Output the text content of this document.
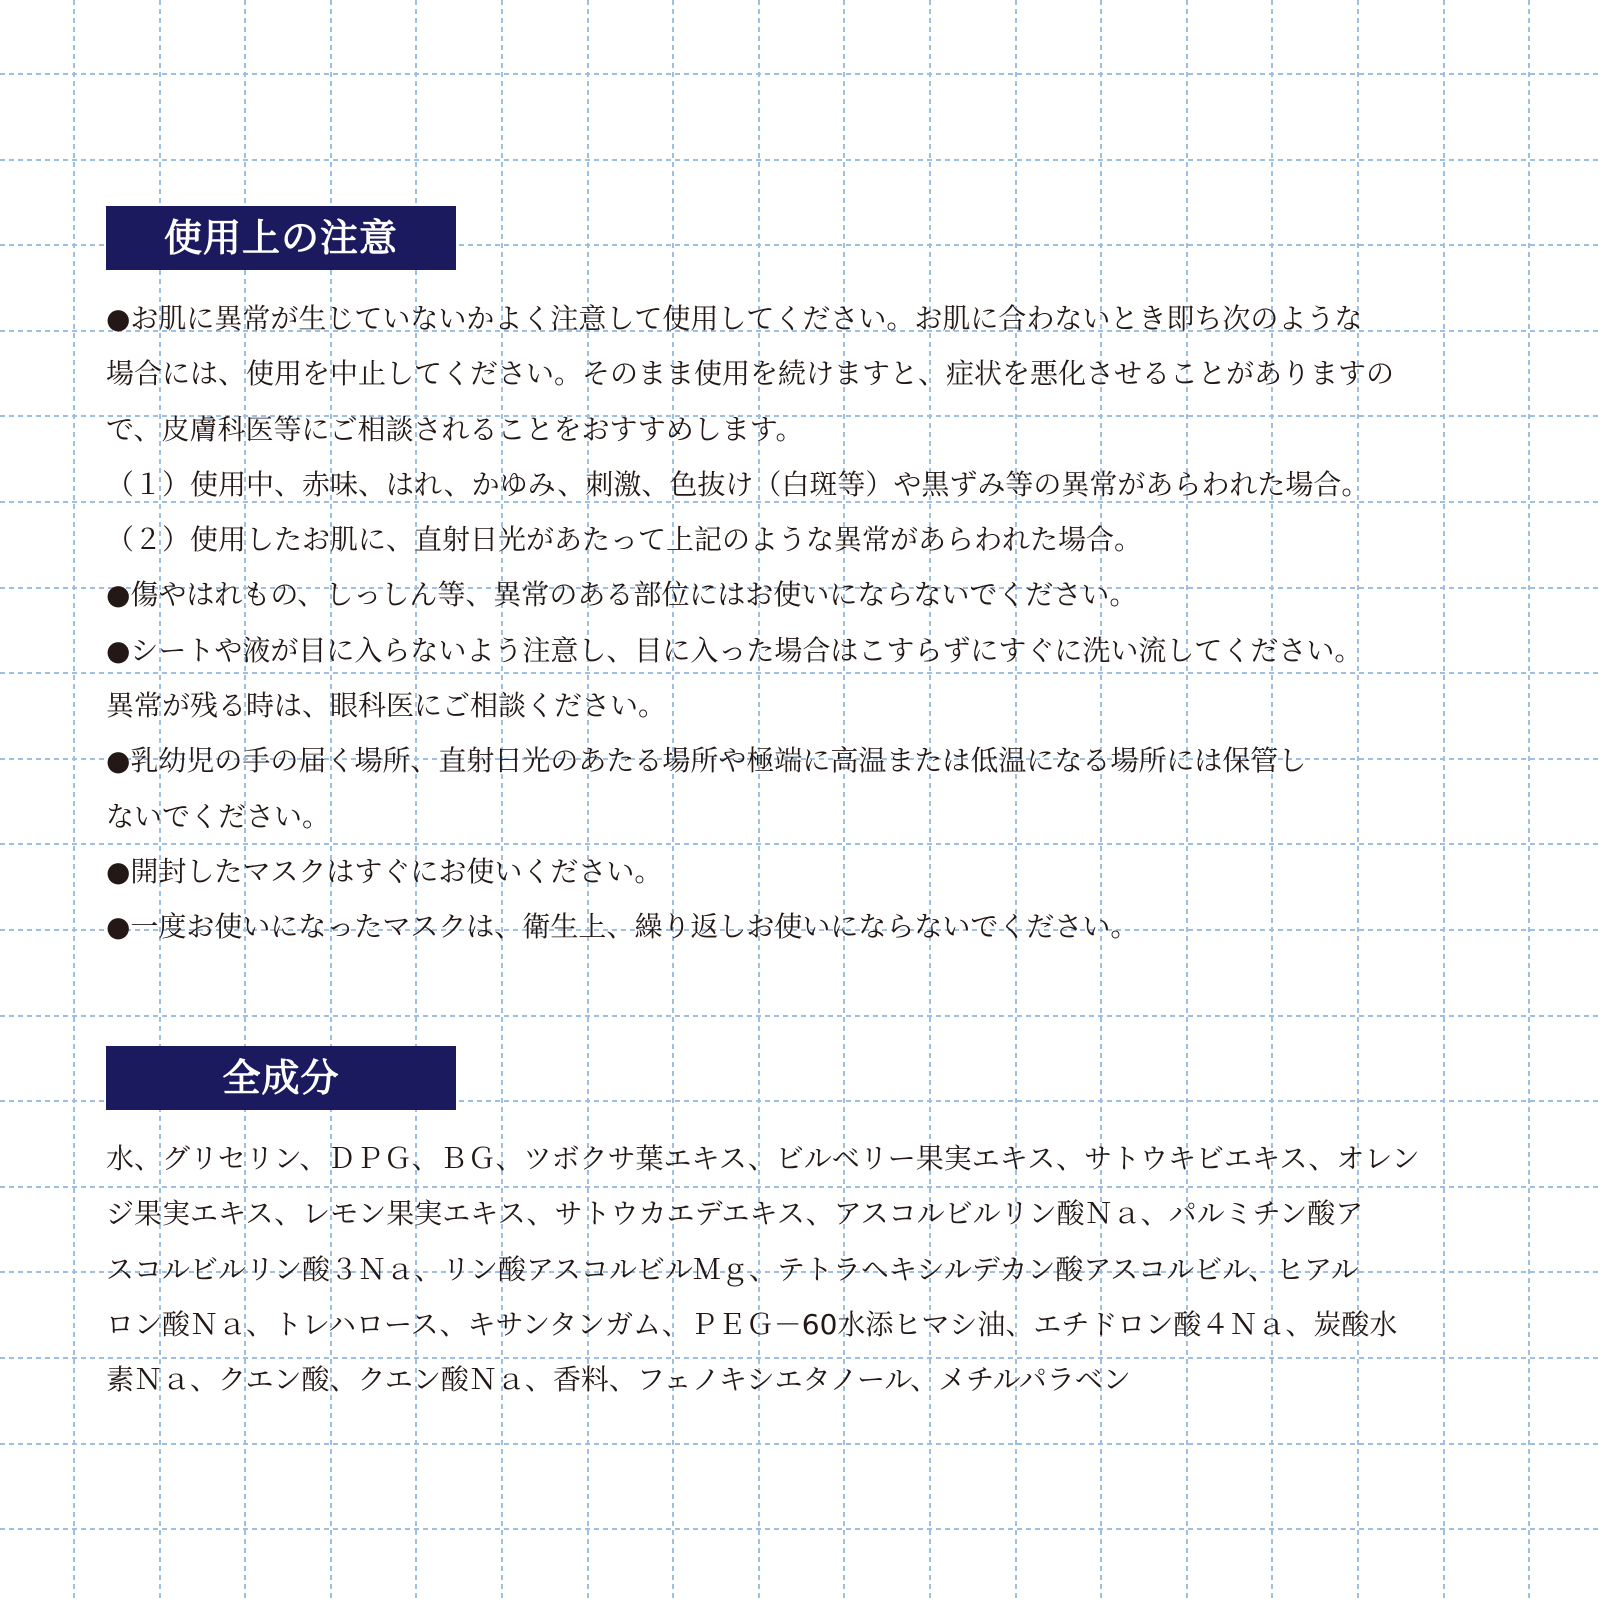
使用上の注意
●お肌に異常が生じていないかよく注意して使用してください。お肌に合わないとき即ち次のような
場合には、使用を中止してください。そのまま使用を続けますと、症状を悪化させることがありますの
で、皮膚科医等にご相談されることをおすすめします。
（１）使用中、赤味、はれ、かゆみ、刺激、色抜け（白斑等）や黒ずみ等の異常があらわれた場合。
（２）使用したお肌に、直射日光があたって上記のような異常があらわれた場合。
●傷やはれもの、しっしん等、異常のある部位にはお使いにならないでください。
●シートや液が目に入らないよう注意し、目に入った場合はこすらずにすぐに洗い流してください。
異常が残る時は、眼科医にご相談ください。
●乳幼児の手の届く場所、直射日光のあたる場所や極端に高温または低温になる場所には保管し
ないでください。
●開封したマスクはすぐにお使いください。
●一度お使いになったマスクは、衛生上、繰り返しお使いにならないでください。
全成分
水、グリセリン、ＤＰＧ、ＢＧ、ツボクサ葉エキス、ビルベリー果実エキス、サトウキビエキス、オレン
ジ果実エキス、レモン果実エキス、サトウカエデエキス、アスコルビルリン酸Ｎａ、パルミチン酸ア
スコルビルリン酸３Ｎａ、リン酸アスコルビルＭｇ、テトラヘキシルデカン酸アスコルビル、ヒアル
ロン酸Ｎａ、トレハロース、キサンタンガム、ＰＥＧ－60水添ヒマシ油、エチドロン酸４Ｎａ、炭酸水
素Ｎａ、クエン酸、クエン酸Ｎａ、香料、フェノキシエタノール、メチルパラベン
